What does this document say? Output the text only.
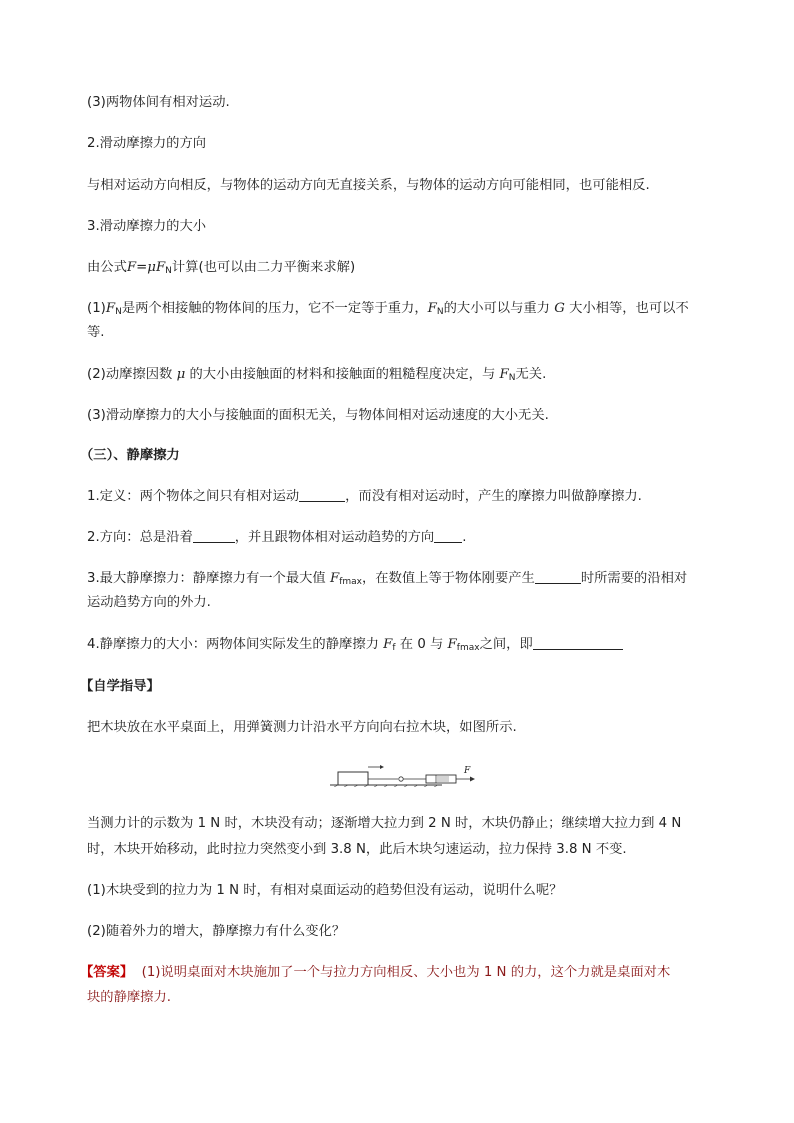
(3)两物体间有相对运动.
2.滑动摩擦力的方向
与相对运动方向相反，与物体的运动方向无直接关系，与物体的运动方向可能相同，也可能相反.
3.滑动摩擦力的大小
由公式$F=\mu F_N$计算(也可以由二力平衡来求解)
$(1)F_N$是两个相接触的物体间的压力，它不一定等于重力，$F_N$的大小可以与重力 G 大小相等，也可以不
等.
(2)动摩擦因数 μ 的大小由接触面的材料和接触面的粗糙程度决定，与 $F_N$无关.
(3)滑动摩擦力的大小与接触面的面积无关，与物体间相对运动速度的大小无关.
（三）、静摩擦力
1.定义：两个物体之间只有相对运动	，而没有相对运动时，产生的摩擦力叫做静摩擦力.
2.方向：总是沿着	，并且跟物体相对运动趋势的方向 .
3.最大静摩擦力：静摩擦力有一个最大值 $F_{fmax}$，在数值上等于物体刚要产生	时所需要的沿相对
运动趋势方向的外力.
4.静摩擦力的大小：两物体间实际发生的静摩擦力 $F_f$ 在 0 与 $F_{fmax}$之间，即
【自学指导】
把木块放在水平桌面上，用弹簧测力计沿水平方向向右拉木块，如图所示.
F
当测力计的示数为 1 N 时，木块没有动；逐渐增大拉力到 2 N 时，木块仍静止；继续增大拉力到 4 N
时，木块开始移动，此时拉力突然变小到 3.8 N，此后木块匀速运动，拉力保持 3.8 N 不变.
(1)木块受到的拉力为 1 N 时，有相对桌面运动的趋势但没有运动，说明什么呢？
(2)随着外力的增大，静摩擦力有什么变化？
【答案】 (1)说明桌面对木块施加了一个与拉力方向相反、大小也为 1 N 的力，这个力就是桌面对木
块的静摩擦力.
